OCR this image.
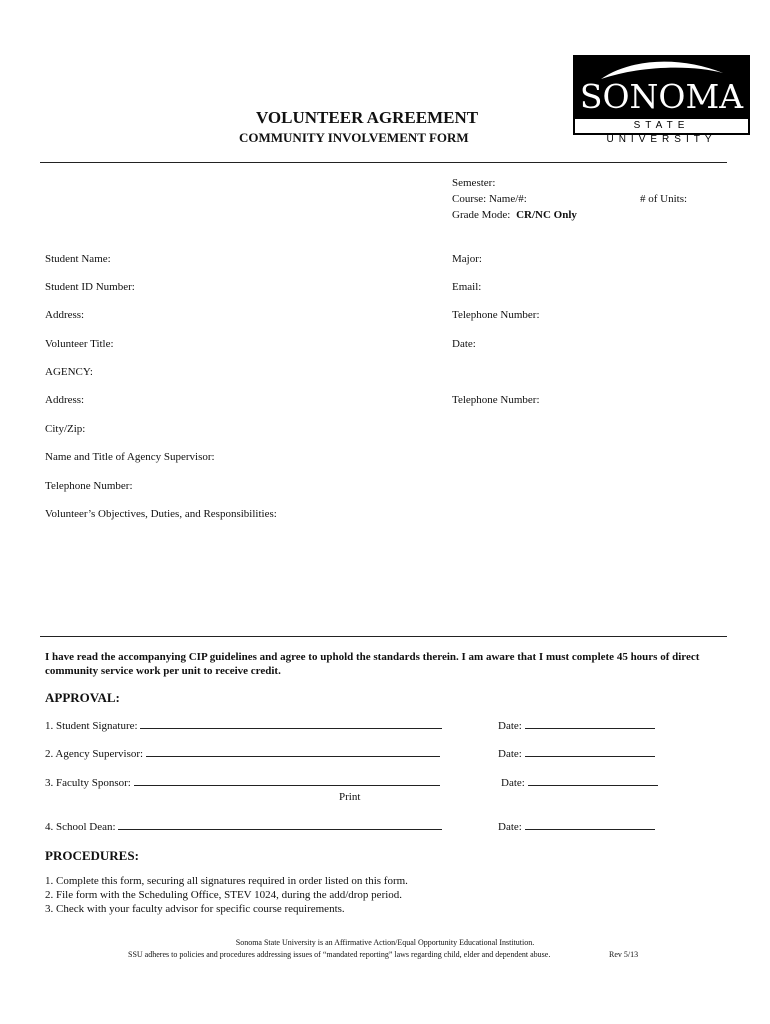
SONOMA
STATE UNIVERSITY
VOLUNTEER AGREEMENT
COMMUNITY INVOLVEMENT FORM
Semester:
Course: Name/#:	# of Units:
Grade Mode: CR/NC Only
Student Name:	Major:
Student ID Number:	Email:
Address:	Telephone Number:
Volunteer Title:	Date:
AGENCY:
Address:	Telephone Number:
City/Zip:
Name and Title of Agency Supervisor:
Telephone Number:
Volunteer’s Objectives, Duties, and Responsibilities:
I have read the accompanying CIP guidelines and agree to uphold the standards therein. I am aware that I must complete 45 hours of direct community service work per unit to receive credit.
APPROVAL:
1. Student Signature:	Date:
2. Agency Supervisor:	Date:
3. Faculty Sponsor:	Date:
Print
4. School Dean:	Date:
PROCEDURES:
1. Complete this form, securing all signatures required in order listed on this form.
2. File form with the Scheduling Office, STEV 1024, during the add/drop period.
3. Check with your faculty advisor for specific course requirements.
Sonoma State University is an Affirmative Action/Equal Opportunity Educational Institution.
SSU adheres to policies and procedures addressing issues of “mandated reporting” laws regarding child, elder and dependent abuse.	Rev 5/13
